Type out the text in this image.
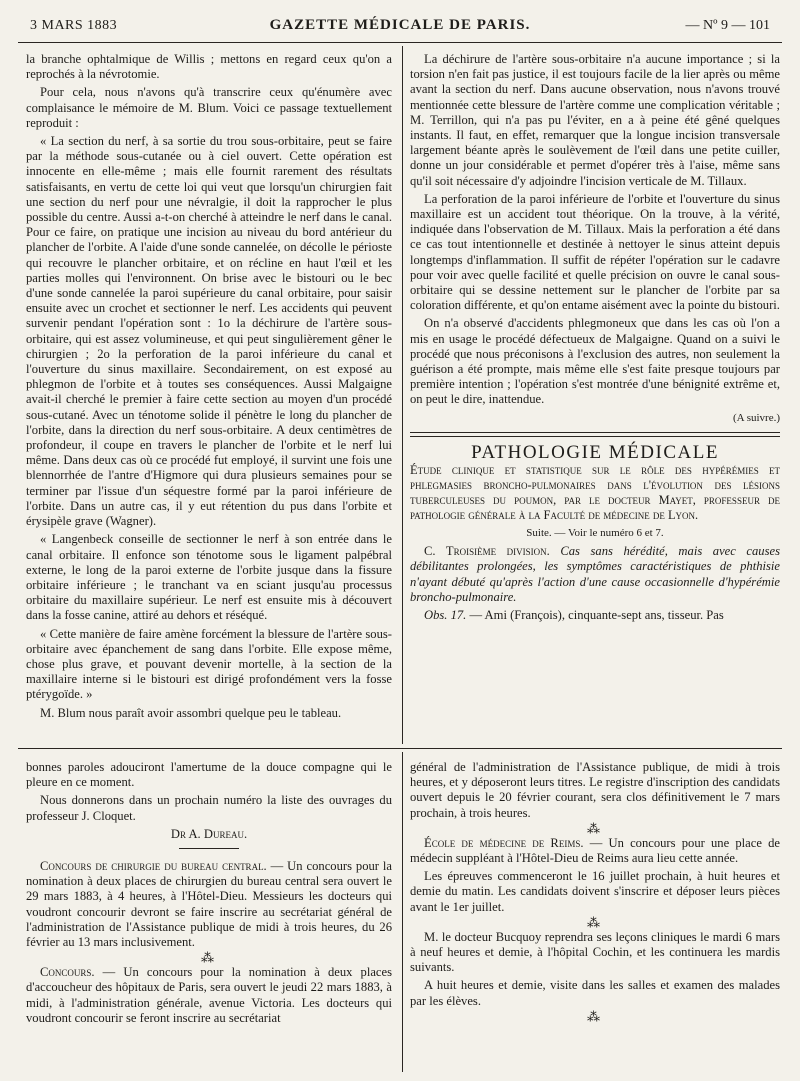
3 MARS 1883	GAZETTE MÉDICALE DE PARIS.	— Nº 9 — 101

la branche ophtalmique de Willis ; mettons en regard ceux qu'on a reprochés à la névrotomie.

Pour cela, nous n'avons qu'à transcrire ceux qu'énumère avec complaisance le mémoire de M. Blum. Voici ce passage textuellement reproduit :

« La section du nerf, à sa sortie du trou sous-orbitaire, peut se faire par la méthode sous-cutanée ou à ciel ouvert. Cette opération est innocente en elle-même ; mais elle fournit rarement des résultats satisfaisants, en vertu de cette loi qui veut que lorsqu'un chirurgien fait une section du nerf pour une névralgie, il doit la rapprocher le plus possible du centre. Aussi a-t-on cherché à atteindre le nerf dans le canal. Pour ce faire, on pratique une incision au niveau du bord antérieur du plancher de l'orbite. A l'aide d'une sonde cannelée, on décolle le périoste qui recouvre le plancher orbitaire, et on récline en haut l'œil et les parties molles qui l'environnent. On brise avec le bistouri ou le bec d'une sonde cannelée la paroi supérieure du canal orbitaire, pour saisir ensuite avec un crochet et sectionner le nerf. Les accidents qui peuvent survenir pendant l'opération sont : 1o la déchirure de l'artère sous-orbitaire, qui est assez volumineuse, et qui peut singulièrement gêner le chirurgien ; 2o la perforation de la paroi inférieure du canal et l'ouverture du sinus maxillaire. Secondairement, on est exposé au phlegmon de l'orbite et à toutes ses conséquences. Aussi Malgaigne avait-il cherché le premier à faire cette section au moyen d'un procédé sous-cutané. Avec un ténotome solide il pénètre le long du plancher de l'orbite, dans la direction du nerf sous-orbitaire. A deux centimètres de profondeur, il coupe en travers le plancher de l'orbite et le nerf lui même. Dans deux cas où ce procédé fut employé, il survint une fois une blennorrhée de l'antre d'Higmore qui dura plusieurs semaines pour se terminer par l'issue d'un séquestre formé par la paroi inférieure de l'orbite. Dans un autre cas, il y eut rétention du pus dans l'orbite et érysipèle grave (Wagner).

« Langenbeck conseille de sectionner le nerf à son entrée dans le canal orbitaire. Il enfonce son ténotome sous le ligament palpébral externe, le long de la paroi externe de l'orbite jusque dans la fissure orbitaire inférieure ; le tranchant va en sciant jusqu'au processus orbitaire du maxillaire supérieur. Le nerf est ensuite mis à découvert dans la fosse canine, attiré au dehors et réséqué.

« Cette manière de faire amène forcément la blessure de l'artère sous-orbitaire avec épanchement de sang dans l'orbite. Elle expose même, chose plus grave, et pouvant devenir mortelle, à la section de la maxillaire interne si le bistouri est dirigé profondément vers la fosse ptérygoïde. »

M. Blum nous paraît avoir assombri quelque peu le tableau.

La déchirure de l'artère sous-orbitaire n'a aucune importance ; si la torsion n'en fait pas justice, il est toujours facile de la lier après ou même avant la section du nerf. Dans aucune observation, nous n'avons trouvé mentionnée cette blessure de l'artère comme une complication véritable ; M. Terrillon, qui n'a pas pu l'éviter, en a à peine été gêné quelques instants. Il faut, en effet, remarquer que la longue incision transversale largement béante après le soulèvement de l'œil dans une petite cuiller, donne un jour considérable et permet d'opérer très à l'aise, même sans qu'il soit nécessaire d'y adjoindre l'incision verticale de M. Tillaux.

La perforation de la paroi inférieure de l'orbite et l'ouverture du sinus maxillaire est un accident tout théorique. On la trouve, à la vérité, indiquée dans l'observation de M. Tillaux. Mais la perforation a été dans ce cas tout intentionnelle et destinée à nettoyer le sinus atteint depuis longtemps d'inflammation. Il suffit de répéter l'opération sur le cadavre pour voir avec quelle facilité et quelle précision on ouvre le canal sous-orbitaire qui se dessine nettement sur le plancher de l'orbite par sa coloration différente, et qu'on entame aisément avec la pointe du bistouri.

On n'a observé d'accidents phlegmoneux que dans les cas où l'on a mis en usage le procédé défectueux de Malgaigne. Quand on a suivi le procédé que nous préconisons à l'exclusion des autres, non seulement la guérison a été prompte, mais même elle s'est faite presque toujours par première intention ; l'opération s'est montrée d'une bénignité extrême et, on peut le dire, inattendue.

(A suivre.)

PATHOLOGIE MÉDICALE

Étude clinique et statistique sur le rôle des hypérémies et phlegmasies broncho-pulmonaires dans l'évolution des lésions tuberculeuses du poumon, par le docteur Mayet, professeur de pathologie générale à la Faculté de médecine de Lyon.

Suite. — Voir le numéro 6 et 7.

C. Troisième division. Cas sans hérédité, mais avec causes débilitantes prolongées, les symptômes caractéristiques de phthisie n'ayant débuté qu'après l'action d'une cause occasionnelle d'hypérémie broncho-pulmonaire.

Obs. 17. — Ami (François), cinquante-sept ans, tisseur. Pas

bonnes paroles adouciront l'amertume de la douce compagne qui le pleure en ce moment.

Nous donnerons dans un prochain numéro la liste des ouvrages du professeur J. Cloquet.

Dr A. Dureau.

Concours de chirurgie du bureau central. — Un concours pour la nomination à deux places de chirurgien du bureau central sera ouvert le 29 mars 1883, à 4 heures, à l'Hôtel-Dieu. Messieurs les docteurs qui voudront concourir devront se faire inscrire au secrétariat général de l'administration de l'Assistance publique de midi à trois heures, du 26 février au 13 mars inclusivement.

⁂

Concours. — Un concours pour la nomination à deux places d'accoucheur des hôpitaux de Paris, sera ouvert le jeudi 22 mars 1883, à midi, à l'administration générale, avenue Victoria. Les docteurs qui voudront concourir se feront inscrire au secrétariat

général de l'administration de l'Assistance publique, de midi à trois heures, et y déposeront leurs titres. Le registre d'inscription des candidats ouvert depuis le 20 février courant, sera clos définitivement le 7 mars prochain, à trois heures.

⁂

École de médecine de Reims. — Un concours pour une place de médecin suppléant à l'Hôtel-Dieu de Reims aura lieu cette année.

Les épreuves commenceront le 16 juillet prochain, à huit heures et demie du matin. Les candidats doivent s'inscrire et déposer leurs pièces avant le 1er juillet.

⁂

M. le docteur Bucquoy reprendra ses leçons cliniques le mardi 6 mars à neuf heures et demie, à l'hôpital Cochin, et les continuera les mardis suivants.

A huit heures et demie, visite dans les salles et examen des malades par les élèves.

⁂
